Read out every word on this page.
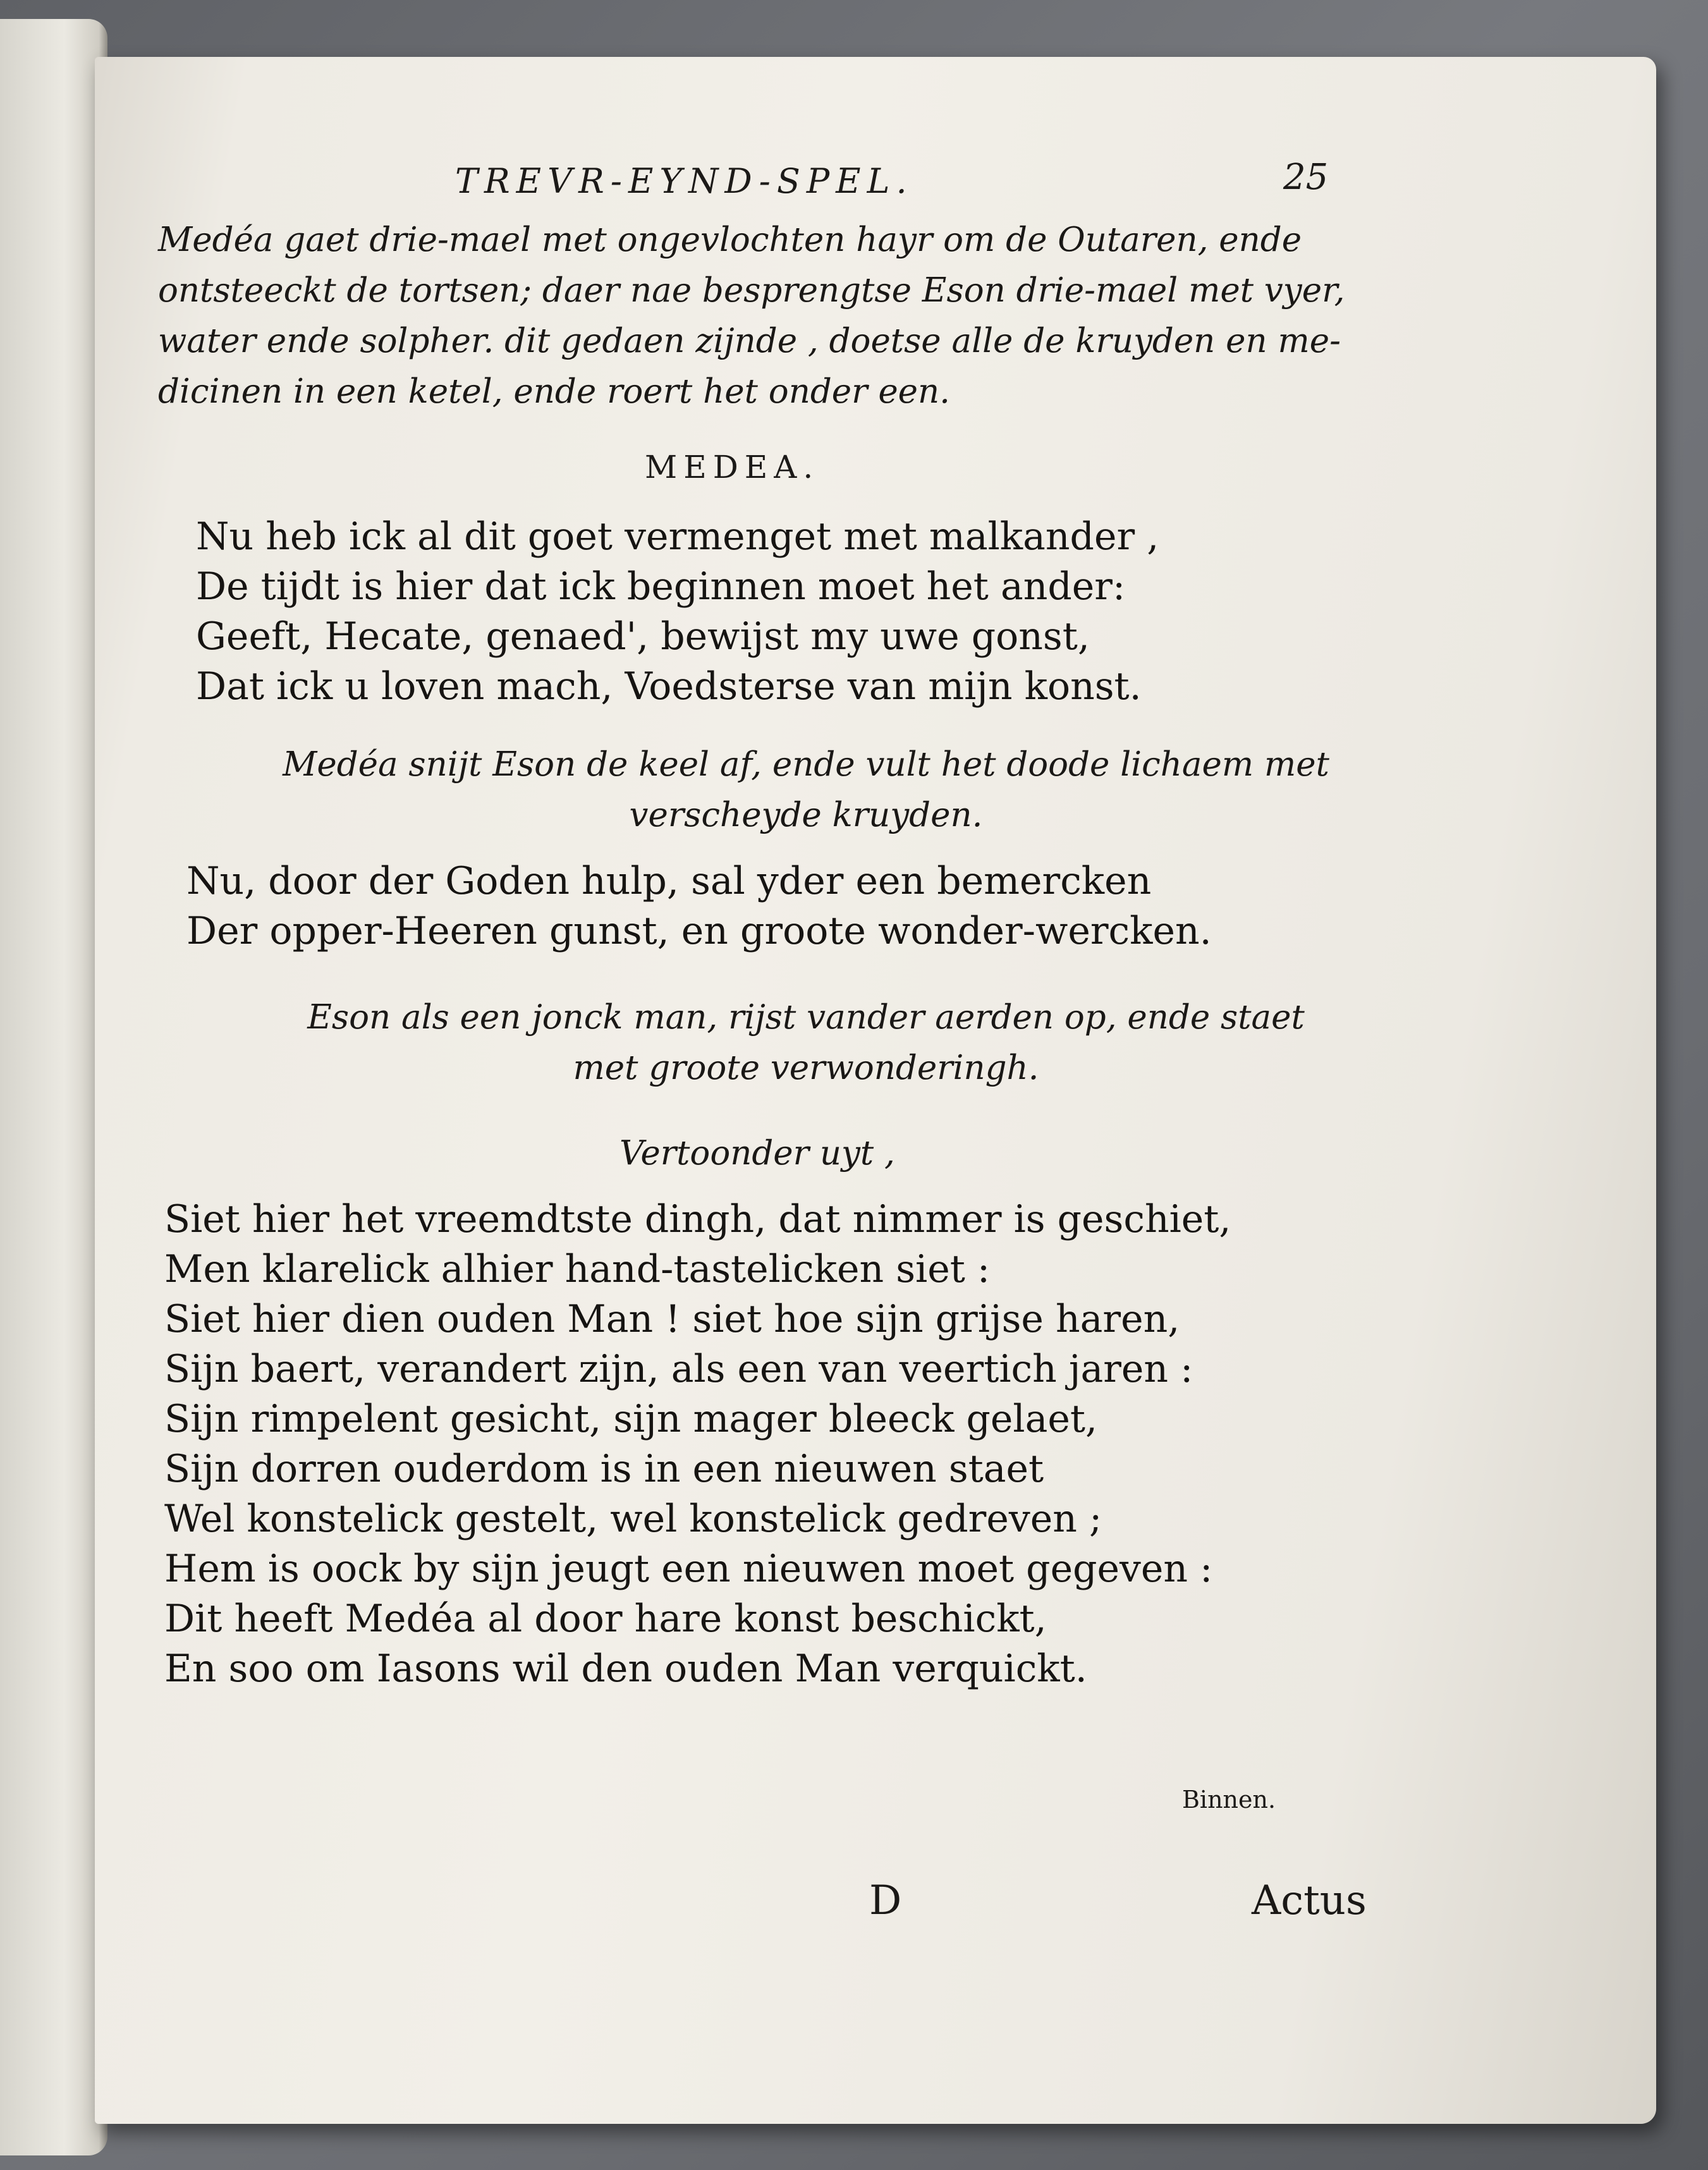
TREVR-EYND-SPEL.	25

Medéa gaet drie-mael met ongevlochten hayr om de Outaren, ende

ontsteeckt de tortsen; daer nae besprengtse Eson drie-mael met vyer,

water ende solpher. dit gedaen zijnde , doetse alle de kruyden en me-

dicinen in een ketel, ende roert het onder een.

MEDEA.
Nu heb ick al dit goet vermenget met malkander ,
De tijdt is hier dat ick beginnen moet het ander:
Geeft, Hecate, genaed', bewijst my uwe gonst,
Dat ick u loven mach, Voedsterse van mijn konst.

Medéa snijt Eson de keel af, ende vult het doode lichaem met

verscheyde kruyden.

Nu, door der Goden hulp, sal yder een bemercken
Der opper-Heeren gunst, en groote wonder-wercken.

Eson als een jonck man, rijst vander aerden op, ende staet

met groote verwonderingh.

Vertoonder uyt ,
Siet hier het vreemdtste dingh, dat nimmer is geschiet,
Men klarelick alhier hand-tastelicken siet :
Siet hier dien ouden Man ! siet hoe sijn grijse haren,
Sijn baert, verandert zijn, als een van veertich jaren :
Sijn rimpelent gesicht, sijn mager bleeck gelaet,
Sijn dorren ouderdom is in een nieuwen staet
Wel konstelick gestelt, wel konstelick gedreven ;
Hem is oock by sijn jeugt een nieuwen moet gegeven :
Dit heeft Medéa al door hare konst beschickt,
En soo om Iasons wil den ouden Man verquickt.
Binnen.
D	Actus
